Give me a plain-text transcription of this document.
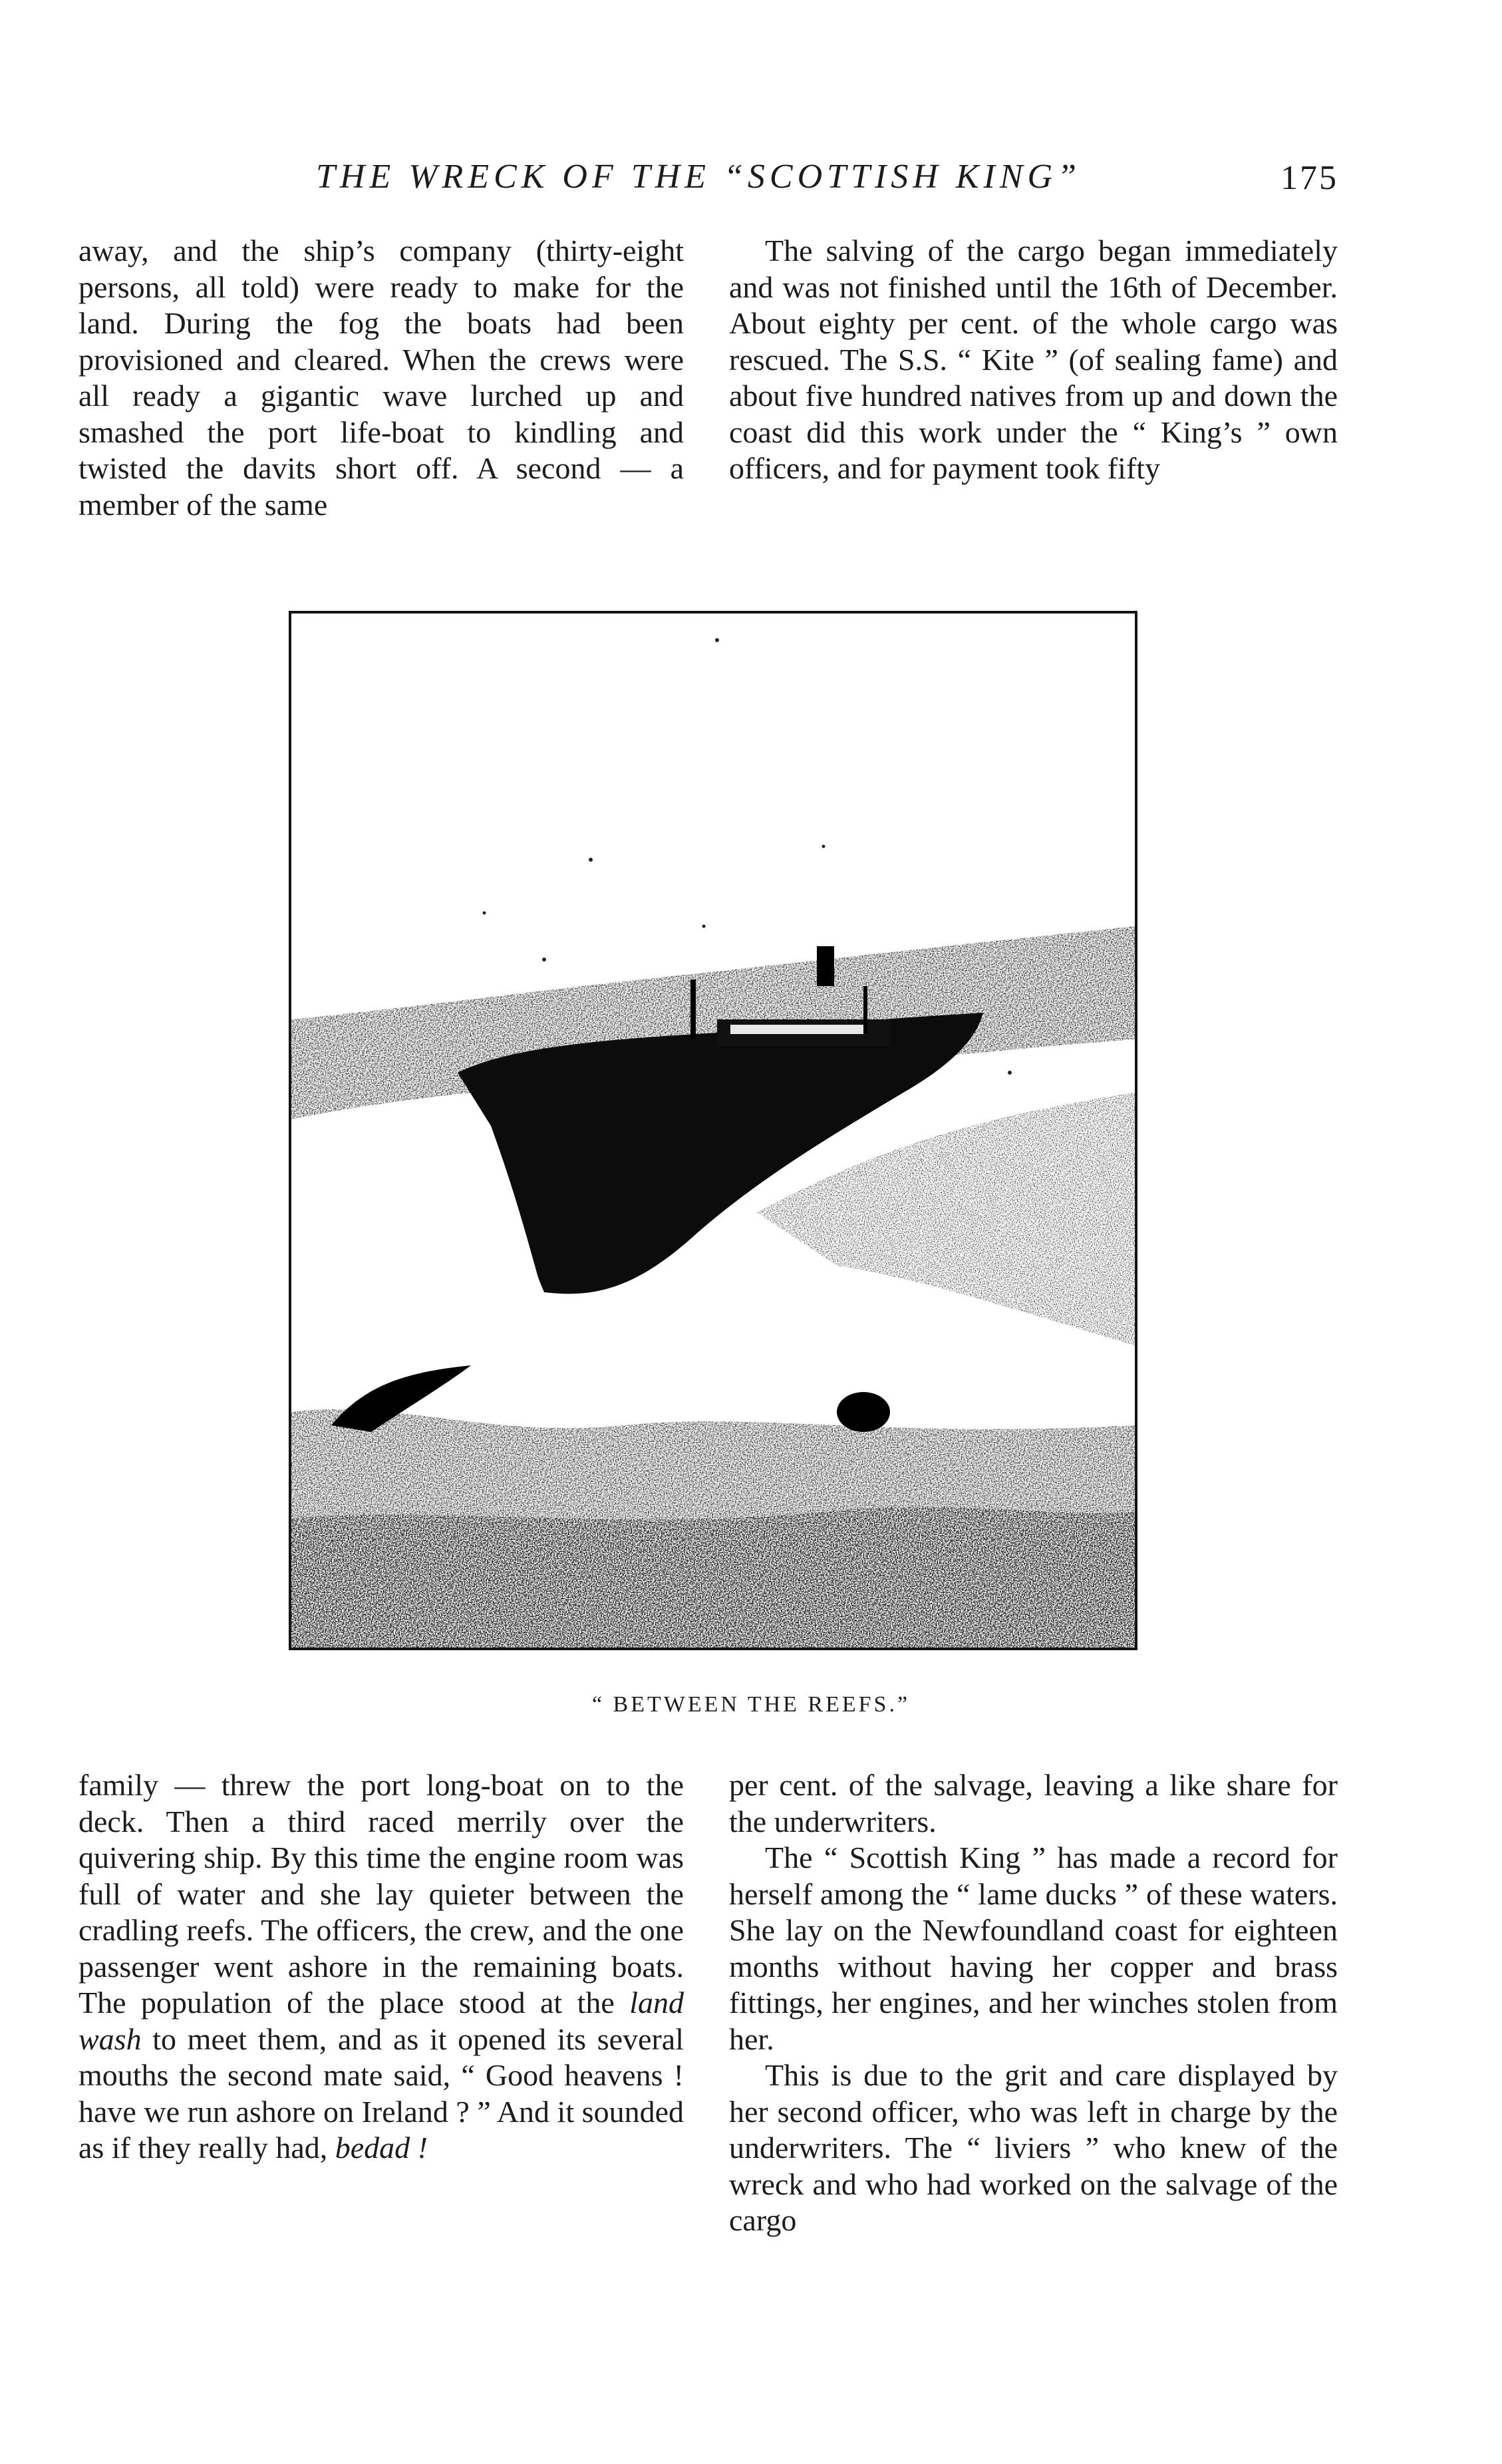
THE WRECK OF THE “SCOTTISH KING”	175

away, and the ship’s company (thirty-eight persons, all told) were ready to make for the land. During the fog the boats had been provisioned and cleared. When the crews were all ready a gigantic wave lurched up and smashed the port life-boat to kindling and twisted the davits short off. A second — a member of the same

The salving of the cargo began immediately and was not finished until the 16th of December. About eighty per cent. of the whole cargo was rescued. The S.S. “ Kite ” (of sealing fame) and about five hundred natives from up and down the coast did this work under the “ King’s ” own officers, and for payment took fifty

“ BETWEEN THE REEFS.”

family — threw the port long-boat on to the deck. Then a third raced merrily over the quivering ship. By this time the engine room was full of water and she lay quieter between the cradling reefs. The officers, the crew, and the one passenger went ashore in the remaining boats. The population of the place stood at the land wash to meet them, and as it opened its several mouths the second mate said, “ Good heavens ! have we run ashore on Ireland ? ” And it sounded as if they really had, bedad !

per cent. of the salvage, leaving a like share for the underwriters.

The “ Scottish King ” has made a record for herself among the “ lame ducks ” of these waters. She lay on the Newfoundland coast for eighteen months without having her copper and brass fittings, her engines, and her winches stolen from her.

This is due to the grit and care displayed by her second officer, who was left in charge by the underwriters. The “ liviers ” who knew of the wreck and who had worked on the salvage of the cargo
